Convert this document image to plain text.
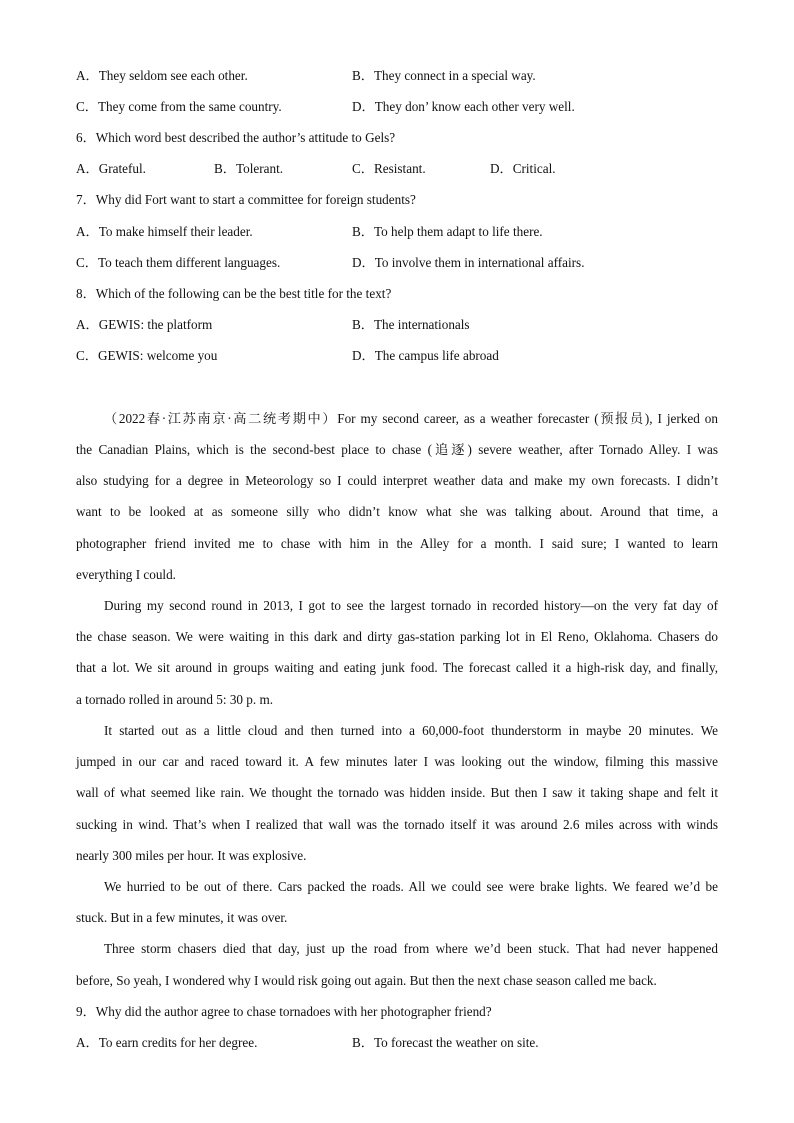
A．They seldom see each other.	B．They connect in a special way.
C．They come from the same country.	D．They don’ know each other very well.
6．Which word best described the author’s attitude to Gels?
A．Grateful.	B．Tolerant.	C．Resistant.	D．Critical.
7．Why did Fort want to start a committee for foreign students?
A．To make himself their leader.	B．To help them adapt to life there.
C．To teach them different languages.	D．To involve them in international affairs.
8．Which of the following can be the best title for the text?
A．GEWIS: the platform	B．The internationals
C．GEWIS: welcome you	D．The campus life abroad
（2022春·江苏南京·高二统考期中）For my second career, as a weather forecaster (预报员), I jerked on
the Canadian Plains, which is the second-best place to chase (追逐) severe weather, after Tornado Alley. I was
also studying for a degree in Meteorology so I could interpret weather data and make my own forecasts. I didn’t
want to be looked at as someone silly who didn’t know what she was talking about. Around that time, a
photographer friend invited me to chase with him in the Alley for a month. I said sure; I wanted to learn
everything I could.
During my second round in 2013, I got to see the largest tornado in recorded history—on the very fat day of
the chase season. We were waiting in this dark and dirty gas-station parking lot in El Reno, Oklahoma. Chasers do
that a lot. We sit around in groups waiting and eating junk food. The forecast called it a high-risk day, and finally,
a tornado rolled in around 5: 30 p. m.
It started out as a little cloud and then turned into a 60,000-foot thunderstorm in maybe 20 minutes. We
jumped in our car and raced toward it. A few minutes later I was looking out the window, filming this massive
wall of what seemed like rain. We thought the tornado was hidden inside. But then I saw it taking shape and felt it
sucking in wind. That’s when I realized that wall was the tornado itself it was around 2.6 miles across with winds
nearly 300 miles per hour. It was explosive.
We hurried to be out of there. Cars packed the roads. All we could see were brake lights. We feared we’d be
stuck. But in a few minutes, it was over.
Three storm chasers died that day, just up the road from where we’d been stuck. That had never happened
before, So yeah, I wondered why I would risk going out again. But then the next chase season called me back.
9．Why did the author agree to chase tornadoes with her photographer friend?
A．To earn credits for her degree.	B．To forecast the weather on site.
